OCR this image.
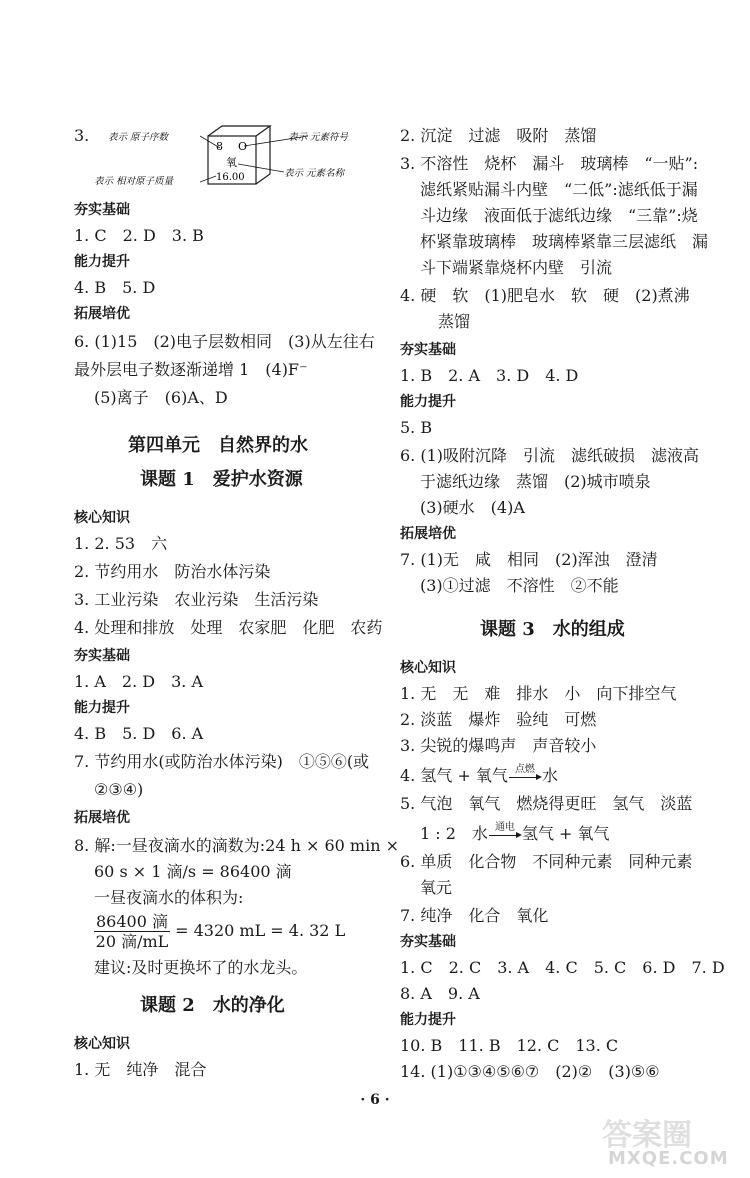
3.
8 O
氧
16.00
表示 原子序数	表示 元素符号
表示 相对原子质量
表示 元素名称
夯实基础
1. C　2. D　3. B
能力提升
4. B　5. D
拓展培优
6. (1)15　(2)电子层数相同　(3)从左往右
最外层电子数逐渐递增 1　(4)F⁻
(5)离子　(6)A、D
第四单元　自然界的水
课题 1　爱护水资源
核心知识
1. 2. 53　六
2. 节约用水　防治水体污染
3. 工业污染　农业污染　生活污染
4. 处理和排放　处理　农家肥　化肥　农药
夯实基础
1. A　2. D　3. A
能力提升
4. B　5. D　6. A
7. 节约用水(或防治水体污染)　①⑤⑥(或
②③④)
拓展培优
8. 解:一昼夜滴水的滴数为:24 h × 60 min ×
60 s × 1 滴/s = 86400 滴
一昼夜滴水的体积为:
$\frac{\text{86400 滴}}{\text{20 滴/mL}} = 4320$ mL = 4. 32 L
建议:及时更换坏了的水龙头。
课题 2　水的净化
核心知识
1. 无　纯净　混合
2. 沉淀　过滤　吸附　蒸馏
3. 不溶性　烧杯　漏斗　玻璃棒　“一贴”:
滤纸紧贴漏斗内壁　“二低”:滤纸低于漏
斗边缘　液面低于滤纸边缘　“三靠”:烧
杯紧靠玻璃棒　玻璃棒紧靠三层滤纸　漏
斗下端紧靠烧杯内壁　引流
4. 硬　软　(1)肥皂水　软　硬　(2)煮沸
蒸馏
夯实基础
1. B　2. A　3. D　4. D
能力提升
5. B
6. (1)吸附沉降　引流　滤纸破损　滤液高
于滤纸边缘　蒸馏　(2)城市喷泉
(3)硬水　(4)A
拓展培优
7. (1)无　咸　相同　(2)浑浊　澄清
(3)①过滤　不溶性　②不能
课题 3　水的组成
核心知识
1. 无　无　难　排水　小　向下排空气
2. 淡蓝　爆炸　验纯　可燃
3. 尖锐的爆鸣声　声音较小
4. 氢气 + 氧气 点燃 水
5. 气泡　氧气　燃烧得更旺　氢气　淡蓝
1 : 2　水 通电 氢气 + 氧气
6. 单质　化合物　不同种元素　同种元素
氧元
7. 纯净　化合　氧化
夯实基础
1. C　2. C　3. A　4. C　5. C　6. D　7. D
8. A　9. A
能力提升
10. B　11. B　12. C　13. C
14. (1)①③④⑤⑥⑦　(2)②　(3)⑤⑥
· 6 ·
答案圈
MXQE.COM
